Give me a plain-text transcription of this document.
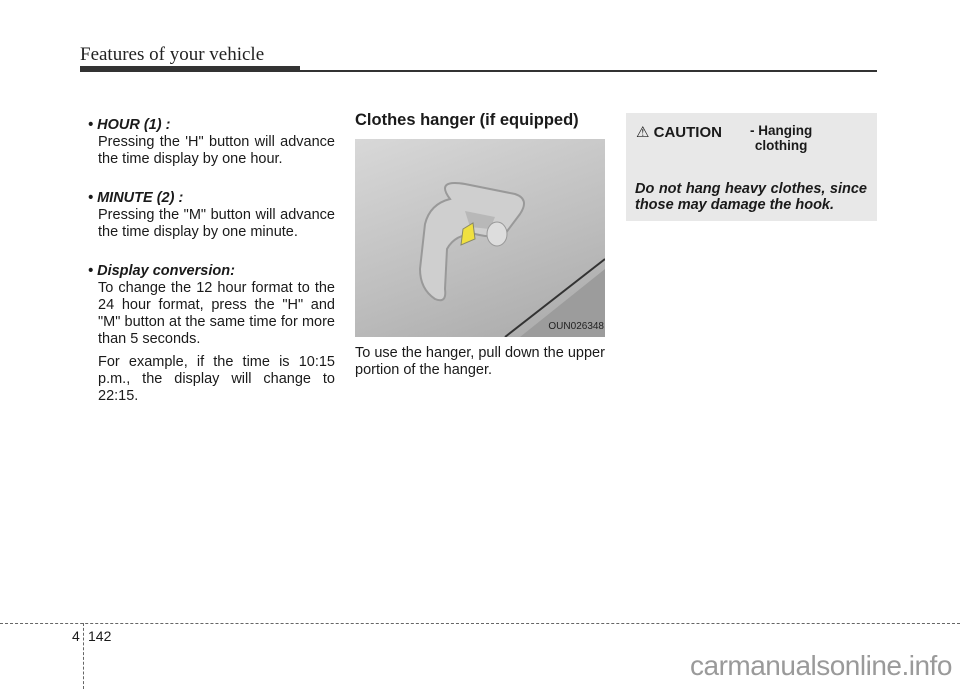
Features of your vehicle

• HOUR (1) :

Pressing the 'H" button will advance the time display by one hour.

• MINUTE (2) :

Pressing the "M" button will advance the time display by one minute.

• Display conversion:

To change the 12 hour format to the 24 hour format, press the "H" and "M" button at the same time for more than 5 seconds.

For example, if the time is 10:15 p.m., the display will change to 22:15.

Clothes hanger (if equipped)

OUN026348

To use the hanger, pull down the upper portion of the hanger.

⚠ CAUTION - Hanging clothing
Do not hang heavy clothes, since those may damage the hook.
4 142
carmanualsonline.info
